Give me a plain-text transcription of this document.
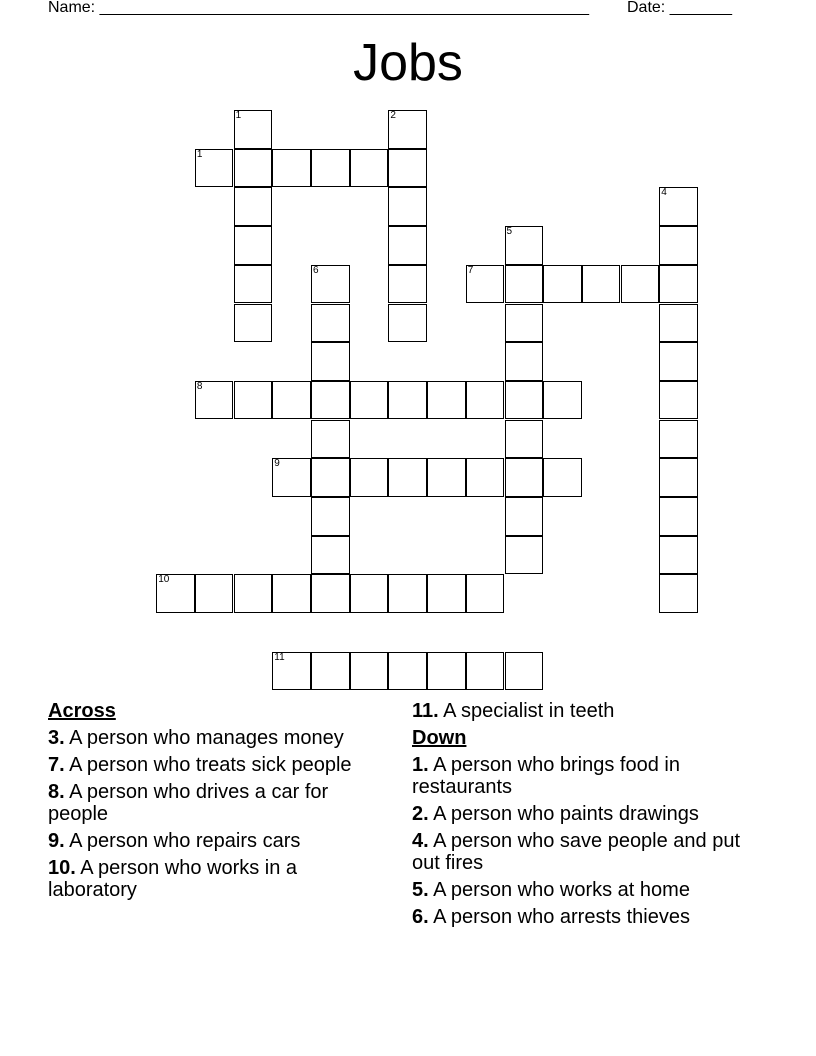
Name: _______________________________________________________ Date: _______
Jobs
1
1	2
7
4
5
6
8
9
10
11
Across
3. A person who manages money
7. A person who treats sick people
8. A person who drives a car for people
9. A person who repairs cars
10. A person who works in a laboratory
11. A specialist in teeth
Down
1. A person who brings food in restaurants
2. A person who paints drawings
4. A person who save people and put out fires
5. A person who works at home
6. A person who arrests thieves
